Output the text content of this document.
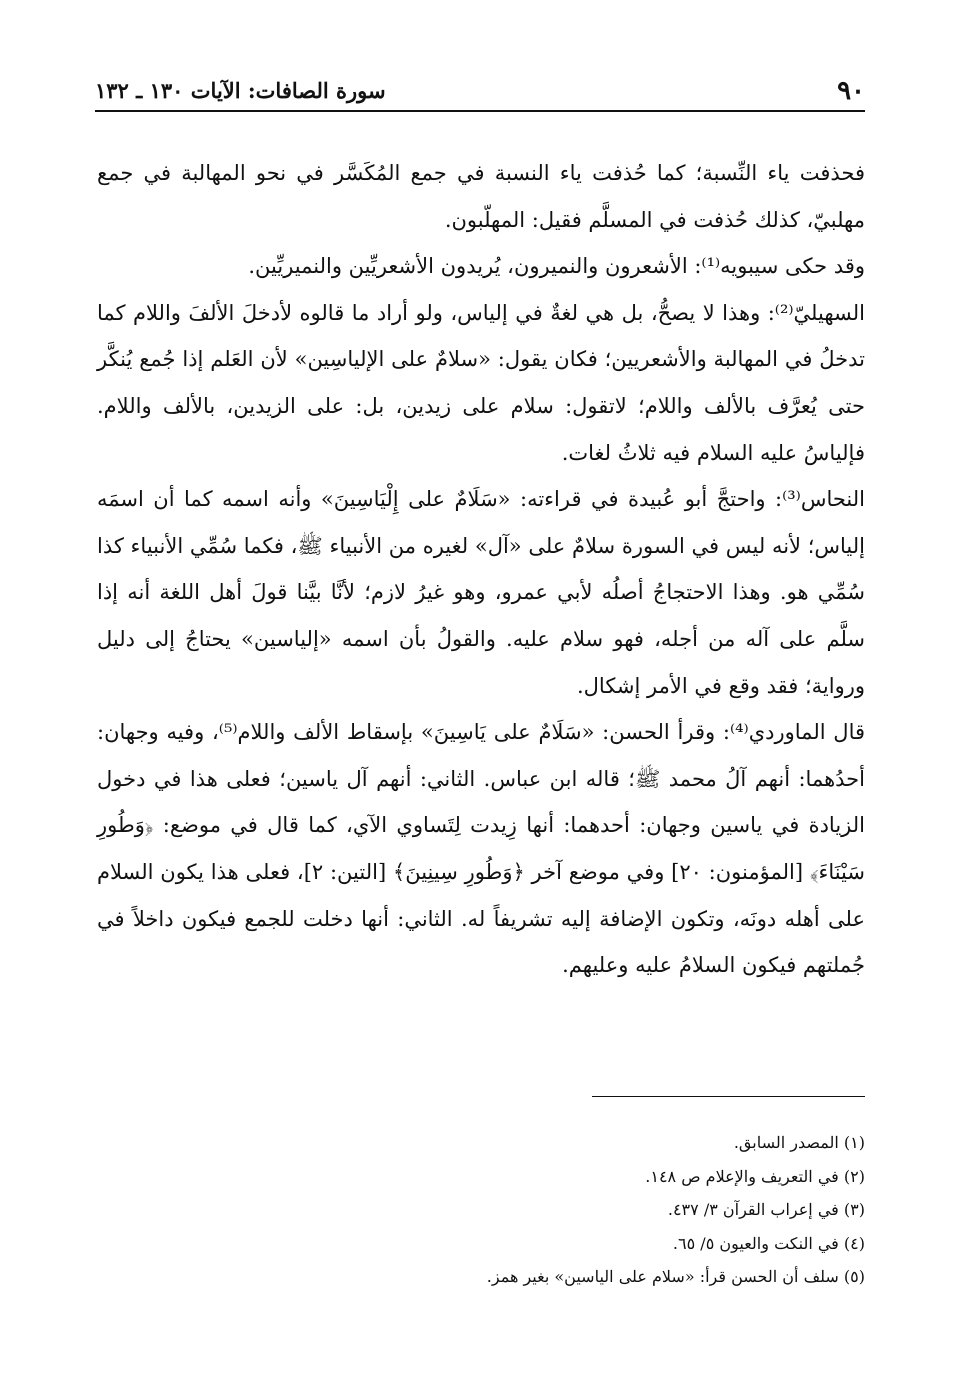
٩٠
سورة الصافات: الآيات ١٣٠ ـ ١٣٢

فحذفت ياء النِّسبة؛ كما حُذفت ياء النسبة في جمع المُكَسَّر في نحو المهالبة في جمع مهلبيّ، كذلك حُذفت في المسلَّم فقيل: المهلّبون.

وقد حكى سيبويه⁽¹⁾: الأشعرون والنميرون، يُريدون الأشعريِّين والنميريِّين.

السهيليّ⁽²⁾: وهذا لا يصحُّ، بل هي لغةٌ في إلياس، ولو أراد ما قالوه لأدخلَ الألفَ واللام كما تدخلُ في المهالبة والأشعريين؛ فكان يقول: «سلامٌ على الإلياسِين» لأن العَلم إذا جُمع يُنكَّر حتى يُعرَّف بالألف واللام؛ لاتقول: سلام على زيدين، بل: على الزيدين، بالألف واللام. فإلياسُ عليه السلام فيه ثلاثُ لغات.

النحاس⁽³⁾: واحتجَّ أبو عُبيدة في قراءته: «سَلَامٌ على إِلْيَاسِينَ» وأنه اسمه كما أن اسمَه إلياس؛ لأنه ليس في السورة سلامٌ على «آل» لغيره من الأنبياء ﷺ، فكما سُمِّي الأنبياء كذا سُمِّي هو. وهذا الاحتجاجُ أصلُه لأبي عمرو، وهو غيرُ لازم؛ لأنَّا بيَّنا قولَ أهل اللغة أنه إذا سلَّم على آله من أجله، فهو سلام عليه. والقولُ بأن اسمه «إلياسين» يحتاجُ إلى دليل ورواية؛ فقد وقع في الأمر إشكال.

قال الماوردي⁽⁴⁾: وقرأ الحسن: «سَلَامٌ على يَاسِينَ» بإسقاط الألف واللام⁽⁵⁾، وفيه وجهان: أحدُهما: أنهم آلُ محمد ﷺ؛ قاله ابن عباس. الثاني: أنهم آل ياسين؛ فعلى هذا في دخول الزيادة في ياسين وجهان: أحدهما: أنها زِيدت لِتَساوي الآي، كما قال في موضع: ﴿وَطُورِ سَيْنَاءَ﴾ [المؤمنون: ٢٠] وفي موضع آخر ﴿وَطُورِ سِينِينَ﴾ [التين: ٢]، فعلى هذا يكون السلام على أهله دونَه، وتكون الإضافة إليه تشريفاً له. الثاني: أنها دخلت للجمع فيكون داخلاً في جُملتهم فيكون السلامُ عليه وعليهم.

(١) المصدر السابق.
(٢) في التعريف والإعلام ص ١٤٨.
(٣) في إعراب القرآن ٣/ ٤٣٧.
(٤) في النكت والعيون ٥/ ٦٥.
(٥) سلف أن الحسن قرأ: «سلام على الياسين» بغير همز.
